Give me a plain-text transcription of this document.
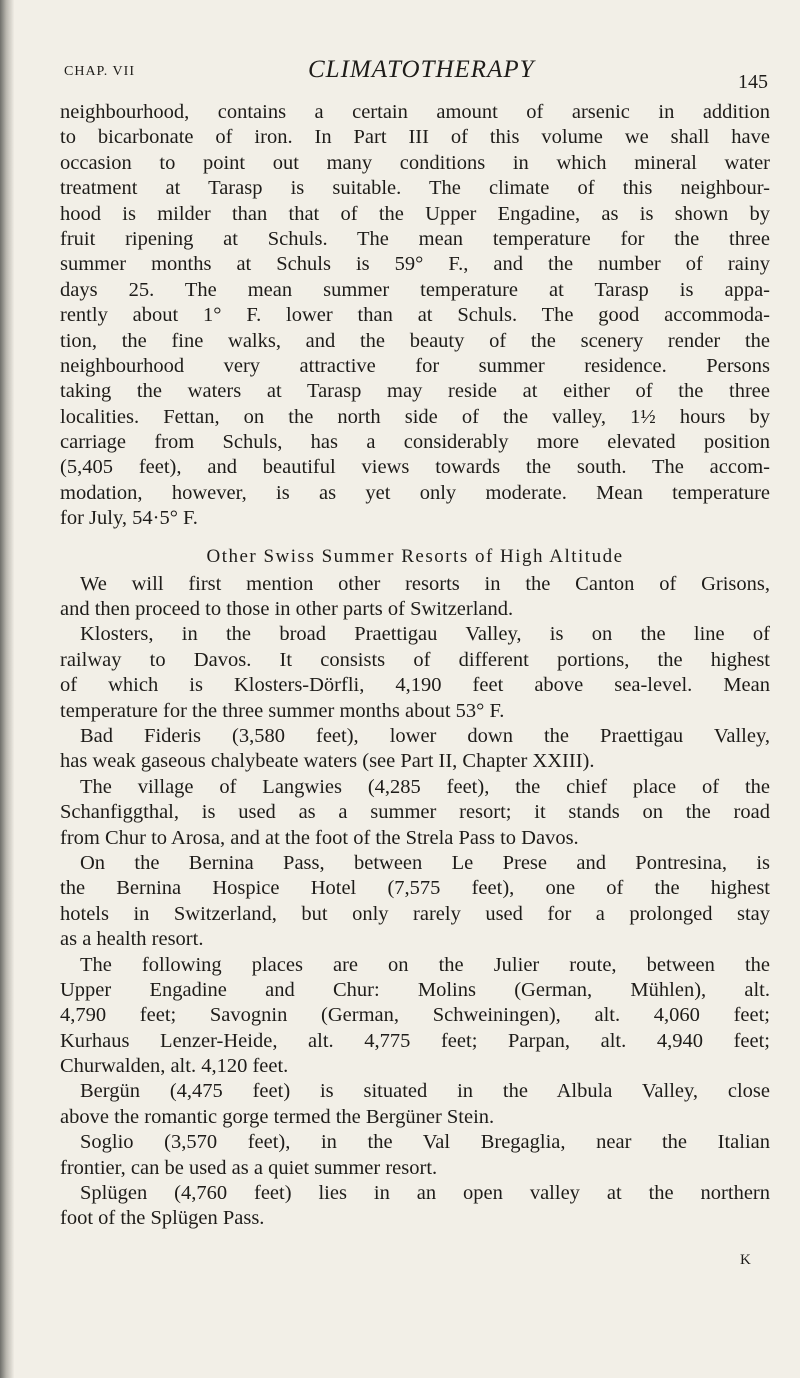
CHAP. VII	CLIMATOTHERAPY	145
neighbourhood, contains a certain amount of arsenic in addition
to bicarbonate of iron. In Part III of this volume we shall have
occasion to point out many conditions in which mineral water
treatment at Tarasp is suitable. The climate of this neighbour-
hood is milder than that of the Upper Engadine, as is shown by
fruit ripening at Schuls. The mean temperature for the three
summer months at Schuls is 59° F., and the number of rainy
days 25. The mean summer temperature at Tarasp is appa-
rently about 1° F. lower than at Schuls. The good accommoda-
tion, the fine walks, and the beauty of the scenery render the
neighbourhood very attractive for summer residence. Persons
taking the waters at Tarasp may reside at either of the three
localities. Fettan, on the north side of the valley, 1½ hours by
carriage from Schuls, has a considerably more elevated position
(5,405 feet), and beautiful views towards the south. The accom-
modation, however, is as yet only moderate. Mean temperature
for July, 54·5° F.
Other Swiss Summer Resorts of High Altitude
We will first mention other resorts in the Canton of Grisons,
and then proceed to those in other parts of Switzerland.
Klosters, in the broad Praettigau Valley, is on the line of
railway to Davos. It consists of different portions, the highest
of which is Klosters-Dörfli, 4,190 feet above sea-level. Mean
temperature for the three summer months about 53° F.
Bad Fideris (3,580 feet), lower down the Praettigau Valley,
has weak gaseous chalybeate waters (see Part II, Chapter XXIII).
The village of Langwies (4,285 feet), the chief place of the
Schanfiggthal, is used as a summer resort; it stands on the road
from Chur to Arosa, and at the foot of the Strela Pass to Davos.
On the Bernina Pass, between Le Prese and Pontresina, is
the Bernina Hospice Hotel (7,575 feet), one of the highest
hotels in Switzerland, but only rarely used for a prolonged stay
as a health resort.
The following places are on the Julier route, between the
Upper Engadine and Chur: Molins (German, Mühlen), alt.
4,790 feet; Savognin (German, Schweiningen), alt. 4,060 feet;
Kurhaus Lenzer-Heide, alt. 4,775 feet; Parpan, alt. 4,940 feet;
Churwalden, alt. 4,120 feet.
Bergün (4,475 feet) is situated in the Albula Valley, close
above the romantic gorge termed the Bergüner Stein.
Soglio (3,570 feet), in the Val Bregaglia, near the Italian
frontier, can be used as a quiet summer resort.
Splügen (4,760 feet) lies in an open valley at the northern
foot of the Splügen Pass.
K
